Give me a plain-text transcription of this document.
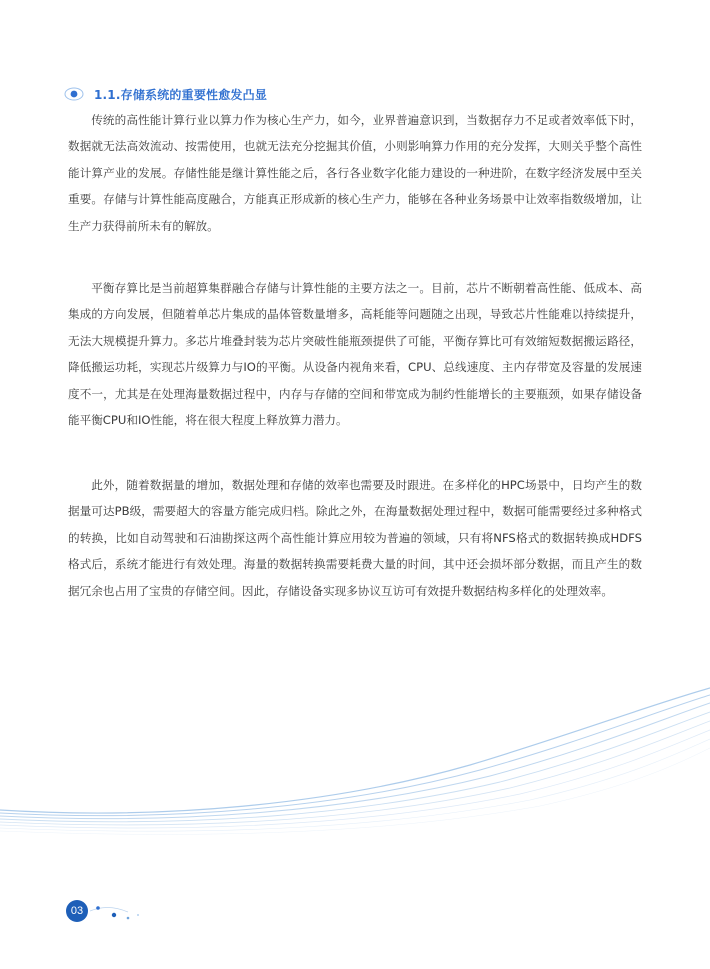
1.1.存储系统的重要性愈发凸显

传统的高性能计算行业以算力作为核心生产力，如今，业界普遍意识到，当数据存力不足或者效率低下时，数据就无法高效流动、按需使用，也就无法充分挖掘其价值，小则影响算力作用的充分发挥，大则关乎整个高性能计算产业的发展。存储性能是继计算性能之后，各行各业数字化能力建设的一种进阶，在数字经济发展中至关重要。存储与计算性能高度融合，方能真正形成新的核心生产力，能够在各种业务场景中让效率指数级增加，让生产力获得前所未有的解放。

平衡存算比是当前超算集群融合存储与计算性能的主要方法之一。目前，芯片不断朝着高性能、低成本、高集成的方向发展，但随着单芯片集成的晶体管数量增多，高耗能等问题随之出现，导致芯片性能难以持续提升，无法大规模提升算力。多芯片堆叠封装为芯片突破性能瓶颈提供了可能，平衡存算比可有效缩短数据搬运路径，降低搬运功耗，实现芯片级算力与IO的平衡。从设备内视角来看，CPU、总线速度、主内存带宽及容量的发展速度不一，尤其是在处理海量数据过程中，内存与存储的空间和带宽成为制约性能增长的主要瓶颈，如果存储设备能平衡CPU和IO性能，将在很大程度上释放算力潜力。

此外，随着数据量的增加，数据处理和存储的效率也需要及时跟进。在多样化的HPC场景中，日均产生的数据量可达PB级，需要超大的容量方能完成归档。除此之外，在海量数据处理过程中，数据可能需要经过多种格式的转换，比如自动驾驶和石油勘探这两个高性能计算应用较为普遍的领域，只有将NFS格式的数据转换成HDFS格式后，系统才能进行有效处理。海量的数据转换需要耗费大量的时间，其中还会损坏部分数据，而且产生的数据冗余也占用了宝贵的存储空间。因此，存储设备实现多协议互访可有效提升数据结构多样化的处理效率。

03
